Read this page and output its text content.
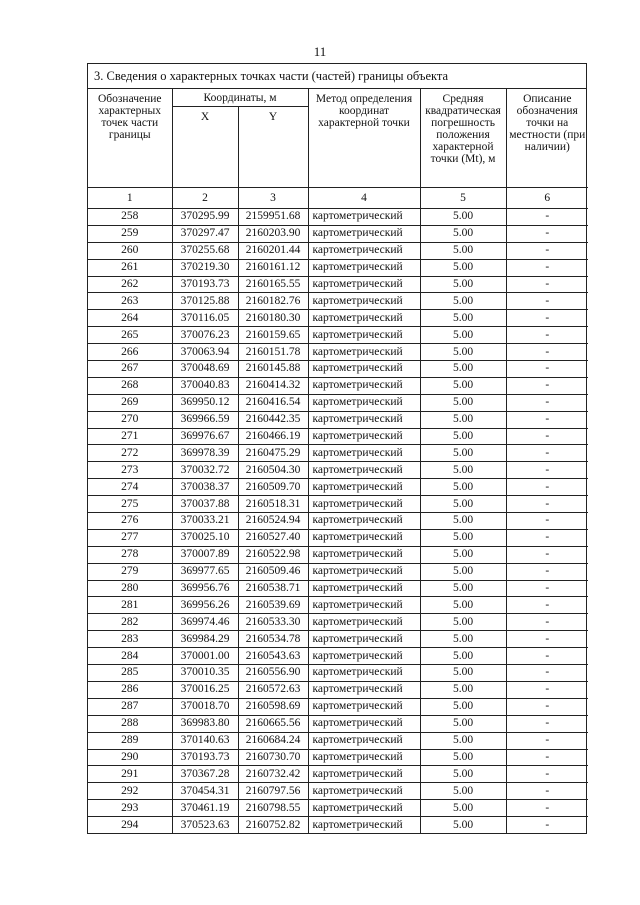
11
3. Сведения о характерных точках части (частей) границы объекта
Обозначение характерных точек части границы	Координаты, м		Метод определения координат характерной точки	Средняя квадратическая погрешность положения характерной точки (Mt), м	Описание обозначения точки на местности (при наличии)
	X	Y			
1	2	3	4	5	6
258	370295.99	2159951.68	картометрический	5.00	-
259	370297.47	2160203.90	картометрический	5.00	-
260	370255.68	2160201.44	картометрический	5.00	-
261	370219.30	2160161.12	картометрический	5.00	-
262	370193.73	2160165.55	картометрический	5.00	-
263	370125.88	2160182.76	картометрический	5.00	-
264	370116.05	2160180.30	картометрический	5.00	-
265	370076.23	2160159.65	картометрический	5.00	-
266	370063.94	2160151.78	картометрический	5.00	-
267	370048.69	2160145.88	картометрический	5.00	-
268	370040.83	2160414.32	картометрический	5.00	-
269	369950.12	2160416.54	картометрический	5.00	-
270	369966.59	2160442.35	картометрический	5.00	-
271	369976.67	2160466.19	картометрический	5.00	-
272	369978.39	2160475.29	картометрический	5.00	-
273	370032.72	2160504.30	картометрический	5.00	-
274	370038.37	2160509.70	картометрический	5.00	-
275	370037.88	2160518.31	картометрический	5.00	-
276	370033.21	2160524.94	картометрический	5.00	-
277	370025.10	2160527.40	картометрический	5.00	-
278	370007.89	2160522.98	картометрический	5.00	-
279	369977.65	2160509.46	картометрический	5.00	-
280	369956.76	2160538.71	картометрический	5.00	-
281	369956.26	2160539.69	картометрический	5.00	-
282	369974.46	2160533.30	картометрический	5.00	-
283	369984.29	2160534.78	картометрический	5.00	-
284	370001.00	2160543.63	картометрический	5.00	-
285	370010.35	2160556.90	картометрический	5.00	-
286	370016.25	2160572.63	картометрический	5.00	-
287	370018.70	2160598.69	картометрический	5.00	-
288	369983.80	2160665.56	картометрический	5.00	-
289	370140.63	2160684.24	картометрический	5.00	-
290	370193.73	2160730.70	картометрический	5.00	-
291	370367.28	2160732.42	картометрический	5.00	-
292	370454.31	2160797.56	картометрический	5.00	-
293	370461.19	2160798.55	картометрический	5.00	-
294	370523.63	2160752.82	картометрический	5.00	-
